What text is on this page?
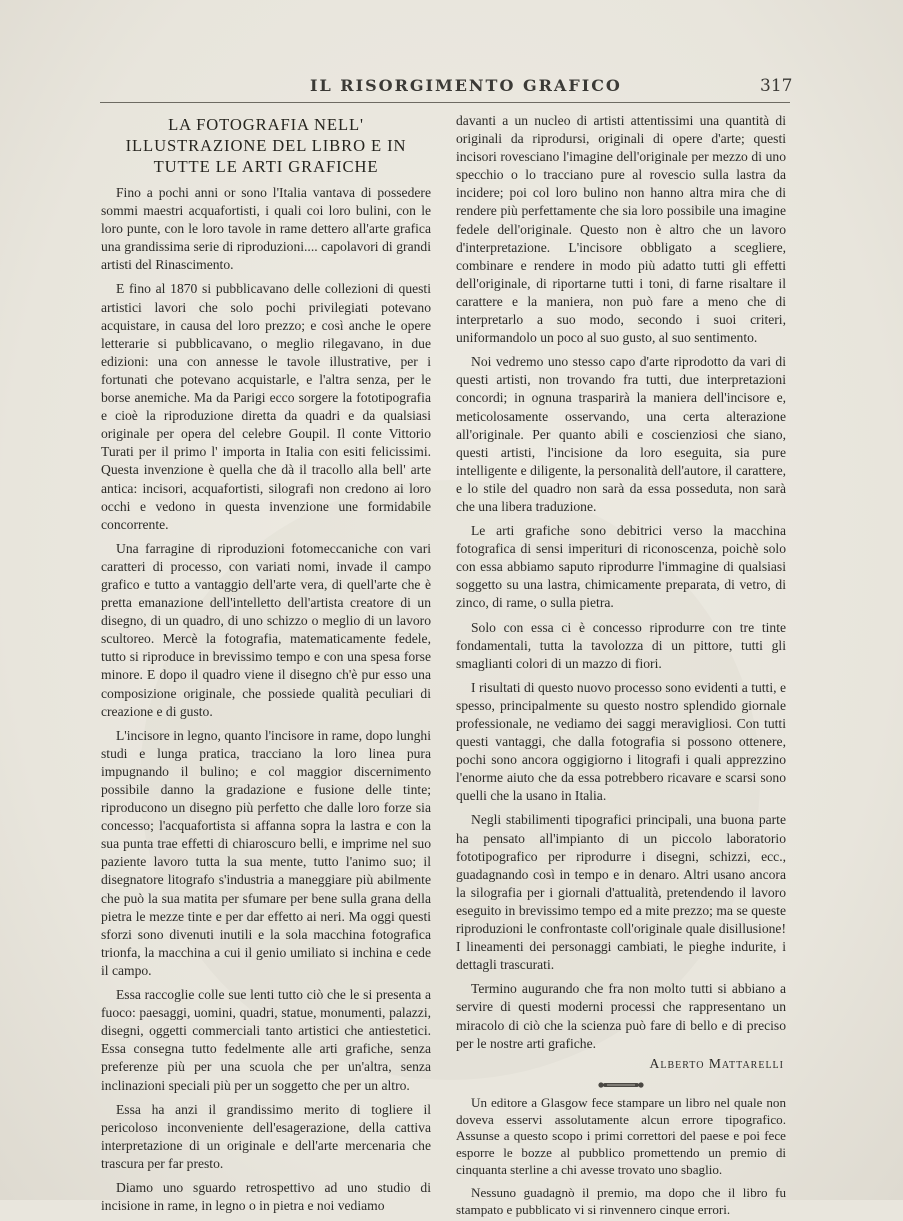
IL RISORGIMENTO GRAFICO	317
LA FOTOGRAFIA NELL' ILLUSTRAZIONE DEL LIBRO E IN TUTTE LE ARTI GRAFICHE

Fino a pochi anni or sono l'Italia vantava di possedere sommi maestri acquafortisti, i quali coi loro bulini, con le loro punte, con le loro tavole in rame dettero all'arte grafica una grandissima serie di riproduzioni.... capolavori di grandi artisti del Rinascimento.

E fino al 1870 si pubblicavano delle collezioni di questi artistici lavori che solo pochi privilegiati potevano acquistare, in causa del loro prezzo; e così anche le opere letterarie si pubblicavano, o meglio rilegavano, in due edizioni: una con annesse le tavole illustrative, per i fortunati che potevano acquistarle, e l'altra senza, per le borse anemiche. Ma da Parigi ecco sorgere la fototipografia e cioè la riproduzione diretta da quadri e da qualsiasi originale per opera del celebre Goupil. Il conte Vittorio Turati per il primo l' importa in Italia con esiti felicissimi. Questa invenzione è quella che dà il tracollo alla bell' arte antica: incisori, acquafortisti, silografi non credono ai loro occhi e vedono in questa invenzione une formidabile concorrente.

Una farragine di riproduzioni fotomeccaniche con vari caratteri di processo, con variati nomi, invade il campo grafico e tutto a vantaggio dell'arte vera, di quell'arte che è pretta emanazione dell'intelletto dell'artista creatore di un disegno, di un quadro, di uno schizzo o meglio di un lavoro scultoreo. Mercè la fotografia, matematicamente fedele, tutto si riproduce in brevissimo tempo e con una spesa forse minore. E dopo il quadro viene il disegno ch'è pur esso una composizione originale, che possiede qualità peculiari di creazione e di gusto.

L'incisore in legno, quanto l'incisore in rame, dopo lunghi studi e lunga pratica, tracciano la loro linea pura impugnando il bulino; e col maggior discernimento possibile danno la gradazione e fusione delle tinte; riproducono un disegno più perfetto che dalle loro forze sia concesso; l'acquafortista si affanna sopra la lastra e con la sua punta trae effetti di chiaroscuro belli, e imprime nel suo paziente lavoro tutta la sua mente, tutto l'animo suo; il disegnatore litografo s'industria a maneggiare più abilmente che può la sua matita per sfumare per bene sulla grana della pietra le mezze tinte e per dar effetto ai neri. Ma oggi questi sforzi sono divenuti inutili e la sola macchina fotografica trionfa, la macchina a cui il genio umiliato si inchina e cede il campo.

Essa raccoglie colle sue lenti tutto ciò che le si presenta a fuoco: paesaggi, uomini, quadri, statue, monumenti, palazzi, disegni, oggetti commerciali tanto artistici che antiestetici. Essa consegna tutto fedelmente alle arti grafiche, senza preferenze più per una scuola che per un'altra, senza inclinazioni speciali più per un soggetto che per un altro.

Essa ha anzi il grandissimo merito di togliere il pericoloso inconveniente dell'esagerazione, della cattiva interpretazione di un originale e dell'arte mercenaria che trascura per far presto.

Diamo uno sguardo retrospettivo ad uno studio di incisione in rame, in legno o in pietra e noi vediamo

davanti a un nucleo di artisti attentissimi una quantità di originali da riprodursi, originali di opere d'arte; questi incisori rovesciano l'imagine dell'originale per mezzo di uno specchio o lo tracciano pure al rovescio sulla lastra da incidere; poi col loro bulino non hanno altra mira che di rendere più perfettamente che sia loro possibile una imagine fedele dell'originale. Questo non è altro che un lavoro d'interpretazione. L'incisore obbligato a scegliere, combinare e rendere in modo più adatto tutti gli effetti dell'originale, di riportarne tutti i toni, di farne risaltare il carattere e la maniera, non può fare a meno che di interpretarlo a suo modo, secondo i suoi criteri, uniformandolo un poco al suo gusto, al suo sentimento.

Noi vedremo uno stesso capo d'arte riprodotto da vari di questi artisti, non trovando fra tutti, due interpretazioni concordi; in ognuna trasparirà la maniera dell'incisore e, meticolosamente osservando, una certa alterazione all'originale. Per quanto abili e coscienziosi che siano, questi artisti, l'incisione da loro eseguita, sia pure intelligente e diligente, la personalità dell'autore, il carattere, e lo stile del quadro non sarà da essa posseduta, non sarà che una libera traduzione.

Le arti grafiche sono debitrici verso la macchina fotografica di sensi imperituri di riconoscenza, poichè solo con essa abbiamo saputo riprodurre l'immagine di qualsiasi soggetto su una lastra, chimicamente preparata, di vetro, di zinco, di rame, o sulla pietra.

Solo con essa ci è concesso riprodurre con tre tinte fondamentali, tutta la tavolozza di un pittore, tutti gli smaglianti colori di un mazzo di fiori.

I risultati di questo nuovo processo sono evidenti a tutti, e spesso, principalmente su questo nostro splendido giornale professionale, ne vediamo dei saggi meravigliosi. Con tutti questi vantaggi, che dalla fotografia si possono ottenere, pochi sono ancora oggigiorno i litografi i quali apprezzino l'enorme aiuto che da essa potrebbero ricavare e scarsi sono quelli che la usano in Italia.

Negli stabilimenti tipografici principali, una buona parte ha pensato all'impianto di un piccolo laboratorio fototipografico per riprodurre i disegni, schizzi, ecc., guadagnando così in tempo e in denaro. Altri usano ancora la silografia per i giornali d'attualità, pretendendo il lavoro eseguito in brevissimo tempo ed a mite prezzo; ma se queste riproduzioni le confrontaste coll'originale quale disillusione! I lineamenti dei personaggi cambiati, le pieghe indurite, i dettagli trascurati.

Termino augurando che fra non molto tutti si abbiano a servire di questi moderni processi che rappresentano un miracolo di ciò che la scienza può fare di bello e di preciso per le nostre arti grafiche.

Alberto Mattarelli

Un editore a Glasgow fece stampare un libro nel quale non doveva esservi assolutamente alcun errore tipografico. Assunse a questo scopo i primi correttori del paese e poi fece esporre le bozze al pubblico promettendo un premio di cinquanta sterline a chi avesse trovato uno sbaglio.

Nessuno guadagnò il premio, ma dopo che il libro fu stampato e pubblicato vi si rinvennero cinque errori.
